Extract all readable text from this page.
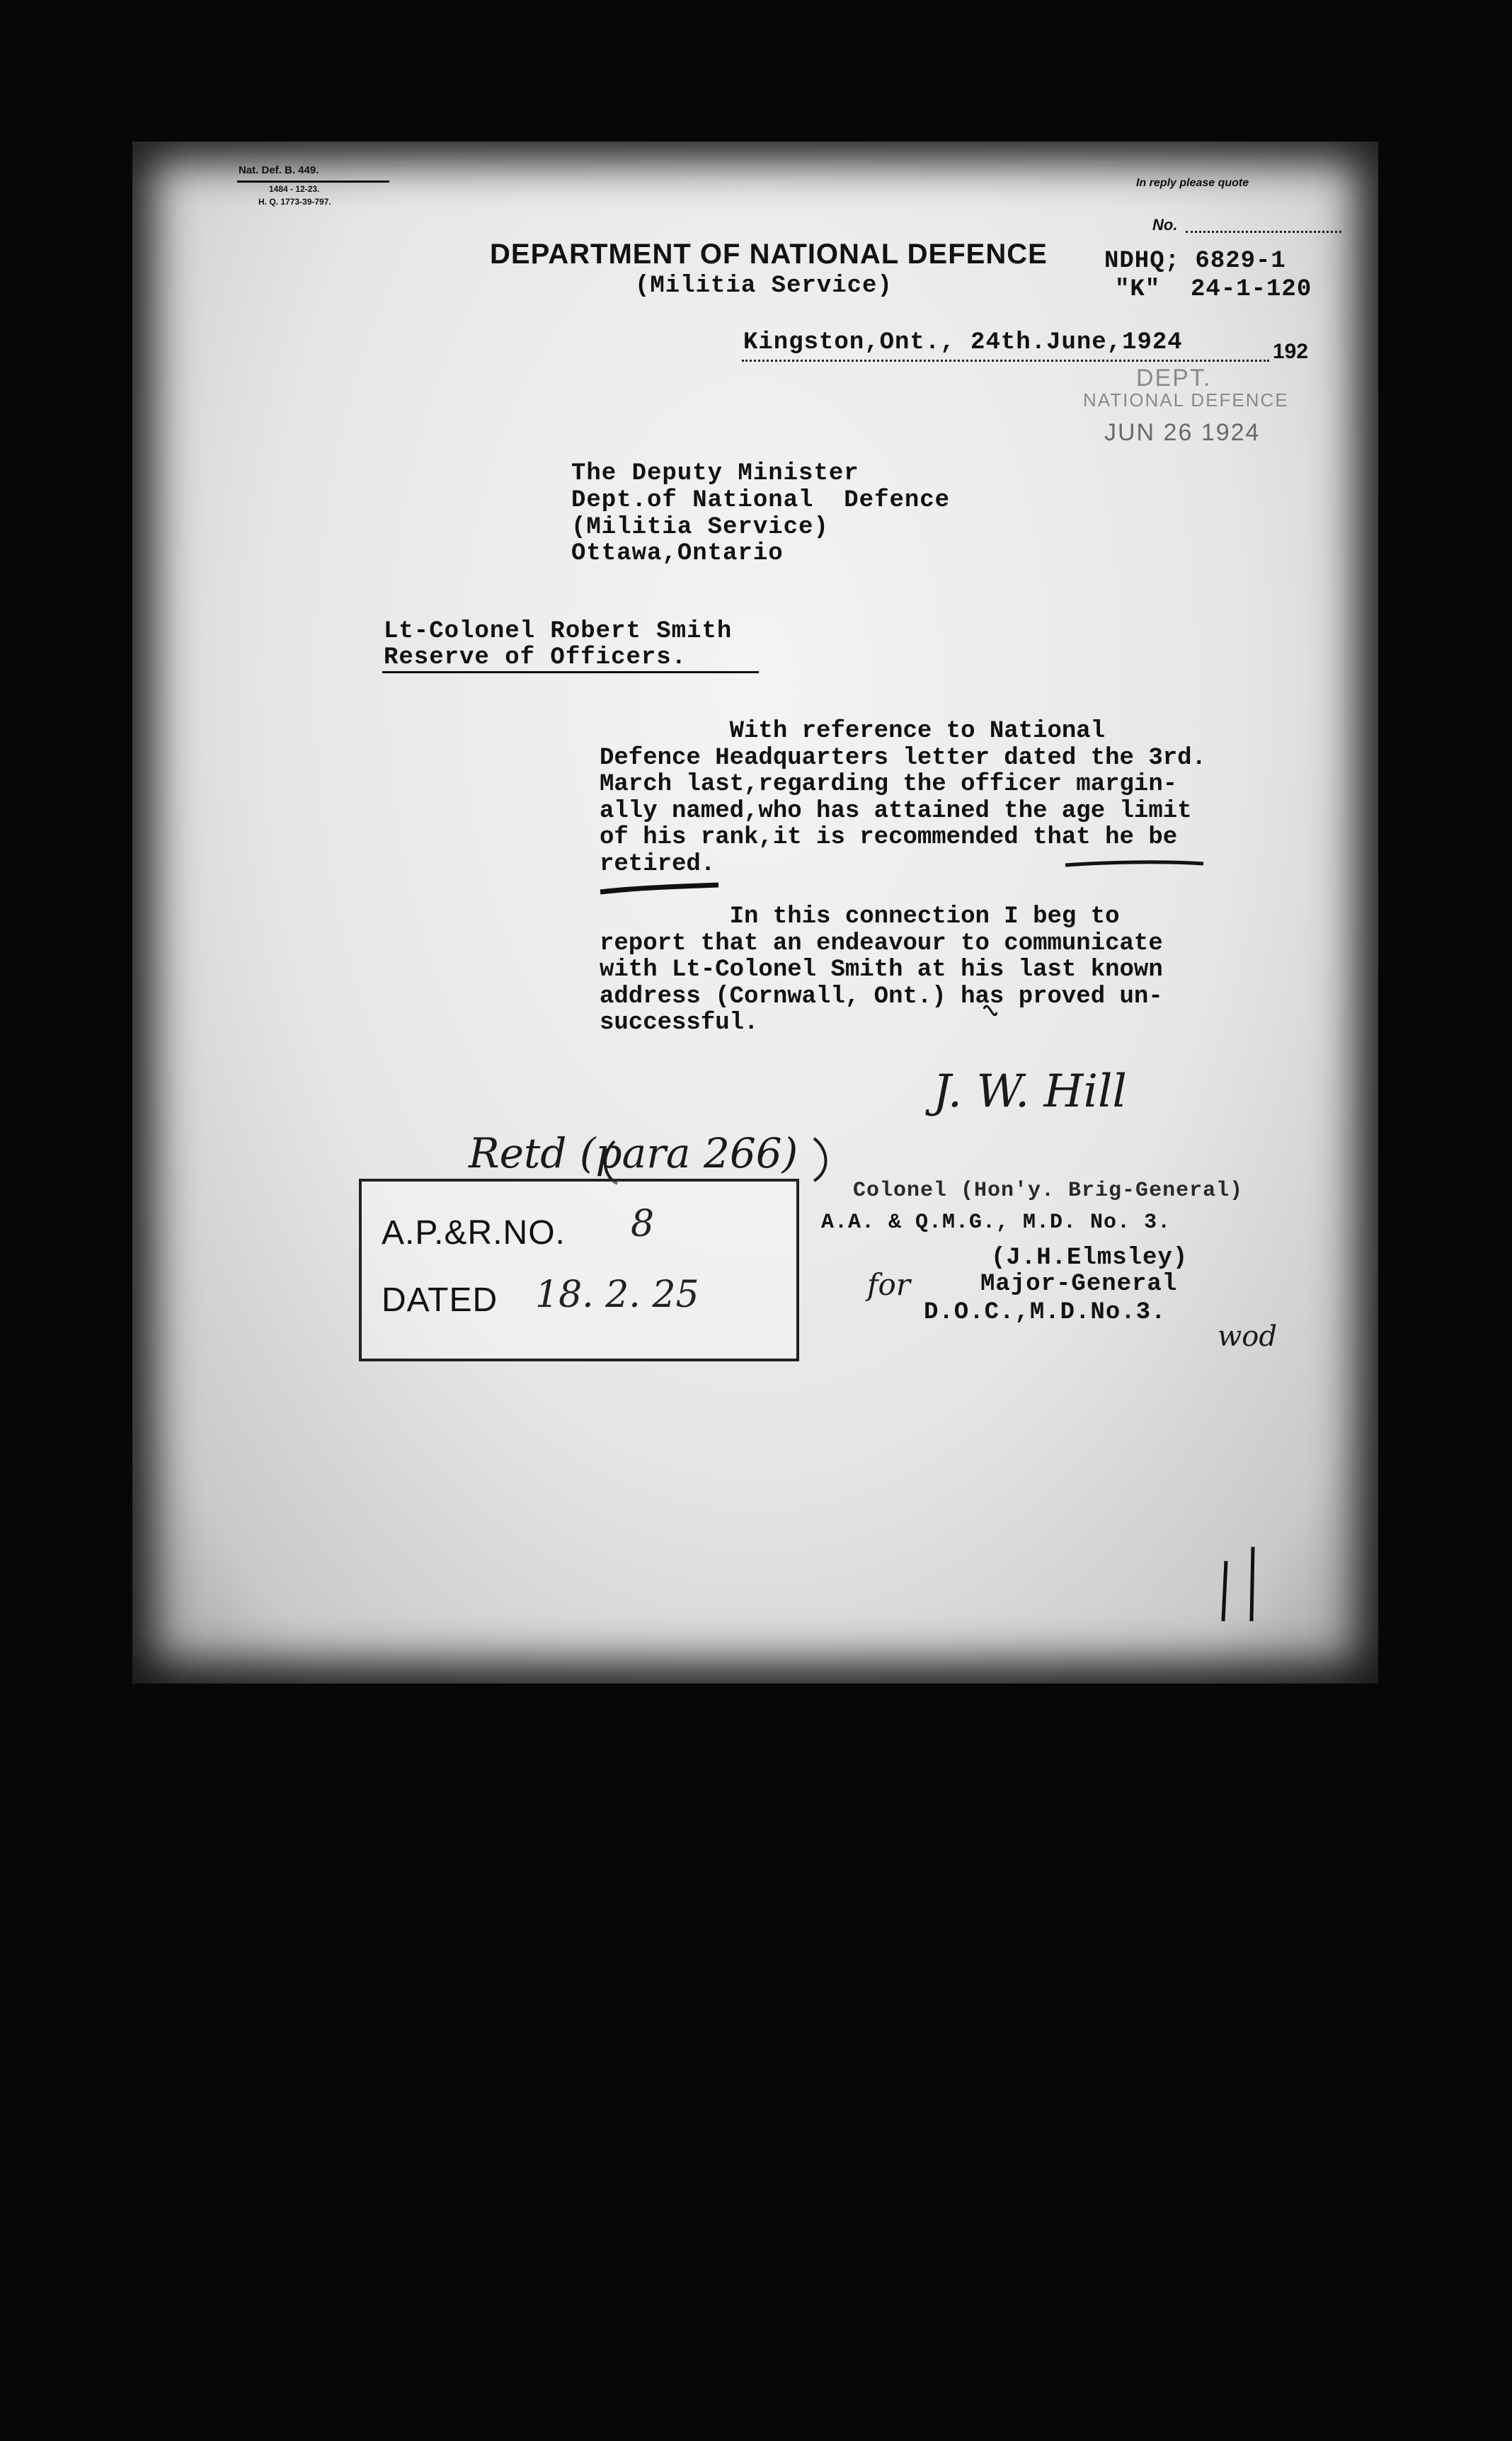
Nat. Def. B. 449.
1484 - 12-23.
H. Q. 1773-39-797.
In reply please quote
No.
DEPARTMENT OF NATIONAL DEFENCE
(Militia Service)
NDHQ; 6829-1
"K"  24-1-120
Kingston,Ont., 24th.June,1924	192
DEPT.
NATIONAL DEFENCE
JUN 26 1924
The Deputy Minister
Dept.of National  Defence
(Militia Service)
Ottawa,Ontario
Lt-Colonel Robert Smith
Reserve of Officers.
With reference to National
Defence Headquarters letter dated the 3rd.
March last,regarding the officer margin-
ally named,who has attained the age limit
of his rank,it is recommended that he be
retired.
In this connection I beg to
report that an endeavour to communicate
with Lt-Colonel Smith at his last known
address (Cornwall, Ont.) has proved un-
successful.
J. W. Hill
Colonel (Hon'y. Brig-General)
A.A. & Q.M.G., M.D. No. 3.
for
(J.H.Elmsley)
Major-General
D.O.C.,M.D.No.3.
wod
Retd (para 266)
A.P.&R.NO. 8
DATED 18. 2. 25
